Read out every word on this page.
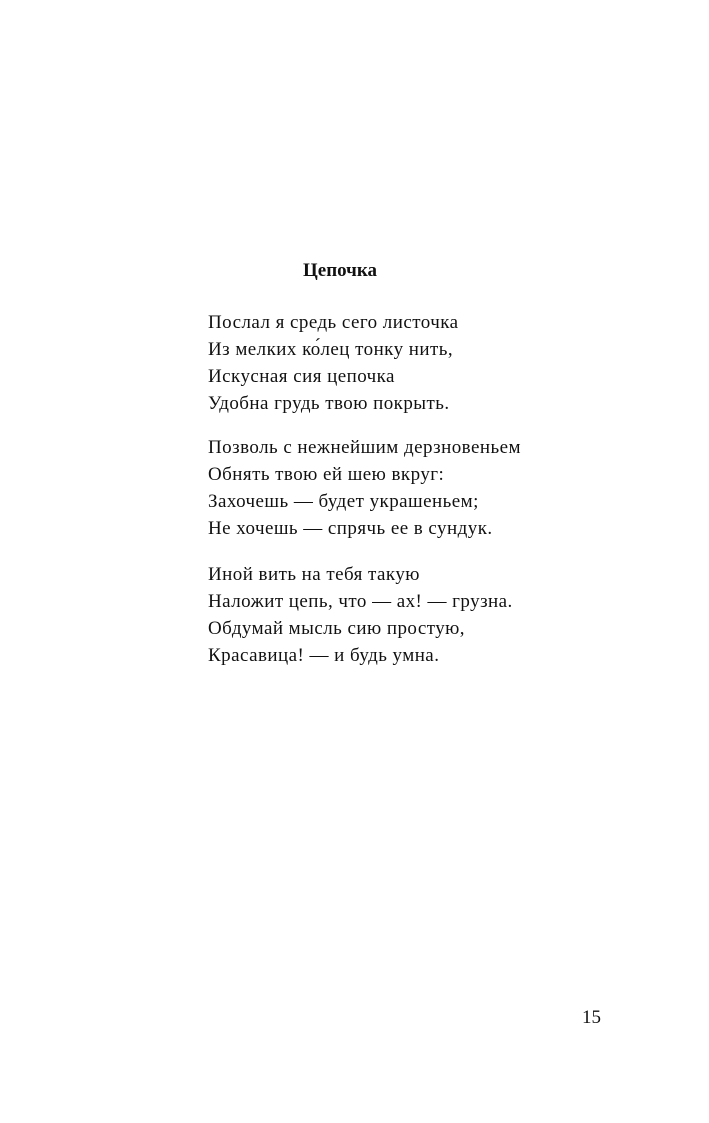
Цепочка
Послал я средь сего листочка
Из мелких ко́лец тонку нить,
Искусная сия цепочка
Удобна грудь твою покрыть.
Позволь с нежнейшим дерзновеньем
Обнять твою ей шею вкруг:
Захочешь — будет украшеньем;
Не хочешь — спрячь ее в сундук.
Иной вить на тебя такую
Наложит цепь, что — ах! — грузна.
Обдумай мысль сию простую,
Красавица! — и будь умна.
15
